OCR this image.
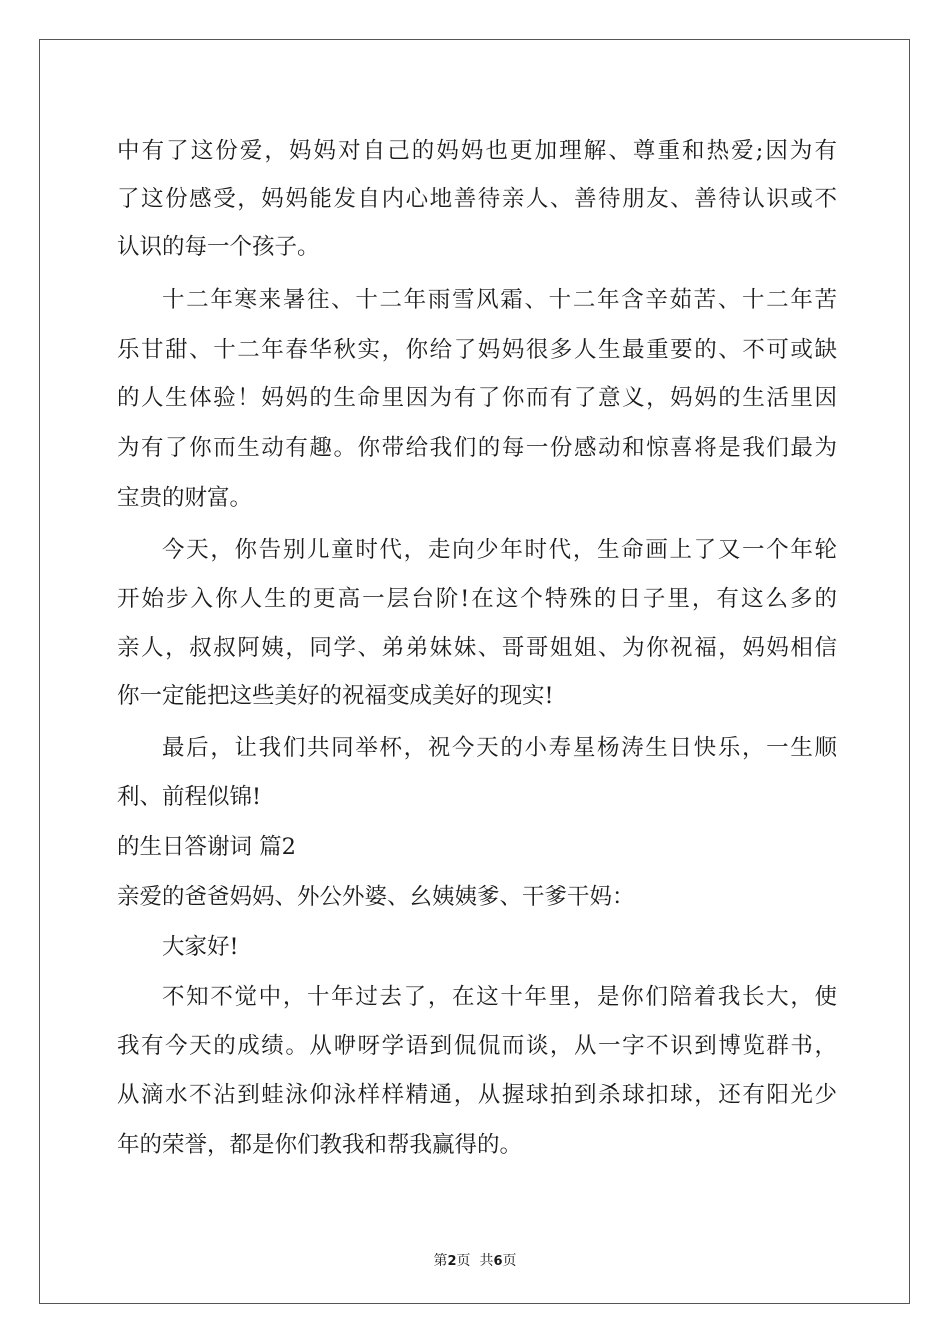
中有了这份爱，妈妈对自己的妈妈也更加理解、尊重和热爱;因为有
了这份感受，妈妈能发自内心地善待亲人、善待朋友、善待认识或不
认识的每一个孩子。
十二年寒来暑往、十二年雨雪风霜、十二年含辛茹苦、十二年苦
乐甘甜、十二年春华秋实，你给了妈妈很多人生最重要的、不可或缺
的人生体验！妈妈的生命里因为有了你而有了意义，妈妈的生活里因
为有了你而生动有趣。你带给我们的每一份感动和惊喜将是我们最为
宝贵的财富。
今天，你告别儿童时代，走向少年时代，生命画上了又一个年轮
开始步入你人生的更高一层台阶!在这个特殊的日子里，有这么多的
亲人，叔叔阿姨，同学、弟弟妹妹、哥哥姐姐、为你祝福，妈妈相信
你一定能把这些美好的祝福变成美好的现实!
最后，让我们共同举杯，祝今天的小寿星杨涛生日快乐，一生顺
利、前程似锦!
的生日答谢词 篇2
亲爱的爸爸妈妈、外公外婆、幺姨姨爹、干爹干妈：
大家好!
不知不觉中，十年过去了，在这十年里，是你们陪着我长大，使
我有今天的成绩。从咿呀学语到侃侃而谈，从一字不识到博览群书，
从滴水不沾到蛙泳仰泳样样精通，从握球拍到杀球扣球，还有阳光少
年的荣誉，都是你们教我和帮我赢得的。
第2页  共6页
